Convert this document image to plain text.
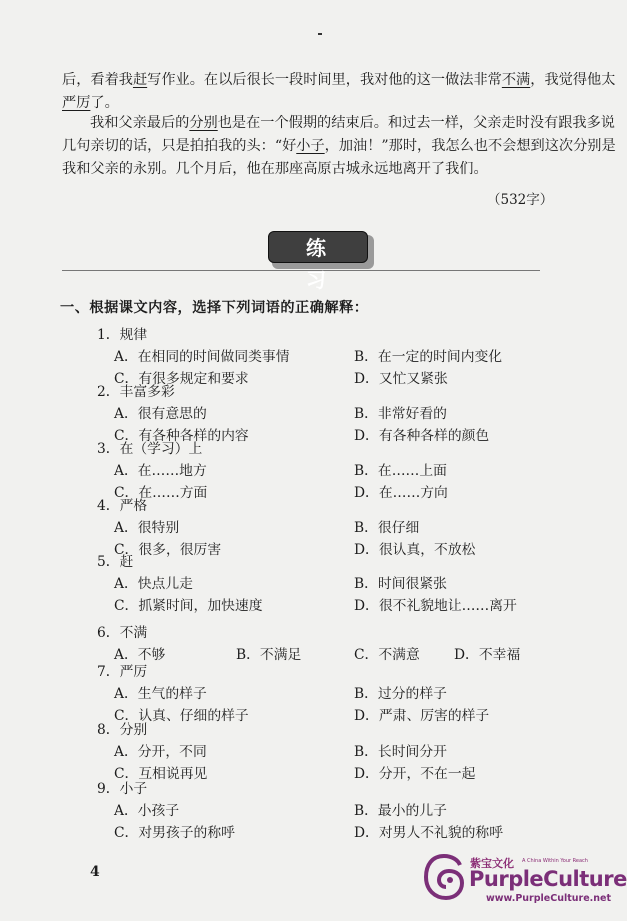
后，看着我赶写作业。在以后很长一段时间里，我对他的这一做法非常不满，我觉得他太
严厉了。

我和父亲最后的分别也是在一个假期的结束后。和过去一样，父亲走时没有跟我多说
几句亲切的话，只是拍拍我的头：“好小子，加油！”那时，我怎么也不会想到这次分别是
我和父亲的永别。几个月后，他在那座高原古城永远地离开了我们。

（532字）
练 习
一、根据课文内容，选择下列词语的正确解释：
1．规律
A．在相同的时间做同类事情	B．在一定的时间内变化
C．有很多规定和要求	D．又忙又紧张
2．丰富多彩
A．很有意思的	B．非常好看的
C．有各种各样的内容	D．有各种各样的颜色
3．在（学习）上
A．在……地方	B．在……上面
C．在……方面	D．在……方向
4．严格
A．很特别	B．很仔细
C．很多，很厉害	D．很认真，不放松
5．赶
A．快点儿走	B．时间很紧张
C．抓紧时间，加快速度	D．很不礼貌地让……离开
6．不满
A．不够	B．不满足	C．不满意 D．不幸福
7．严厉
A．生气的样子	B．过分的样子
C．认真、仔细的样子	D．严肃、厉害的样子
8．分别
A．分开，不同	B．长时间分开
C．互相说再见	D．分开，不在一起
9．小子
A．小孩子	B．最小的儿子
C．对男孩子的称呼	D．对男人不礼貌的称呼
4
紫宝文化 A China Within Your Reach
PurpleCulture
www.PurpleCulture.net
